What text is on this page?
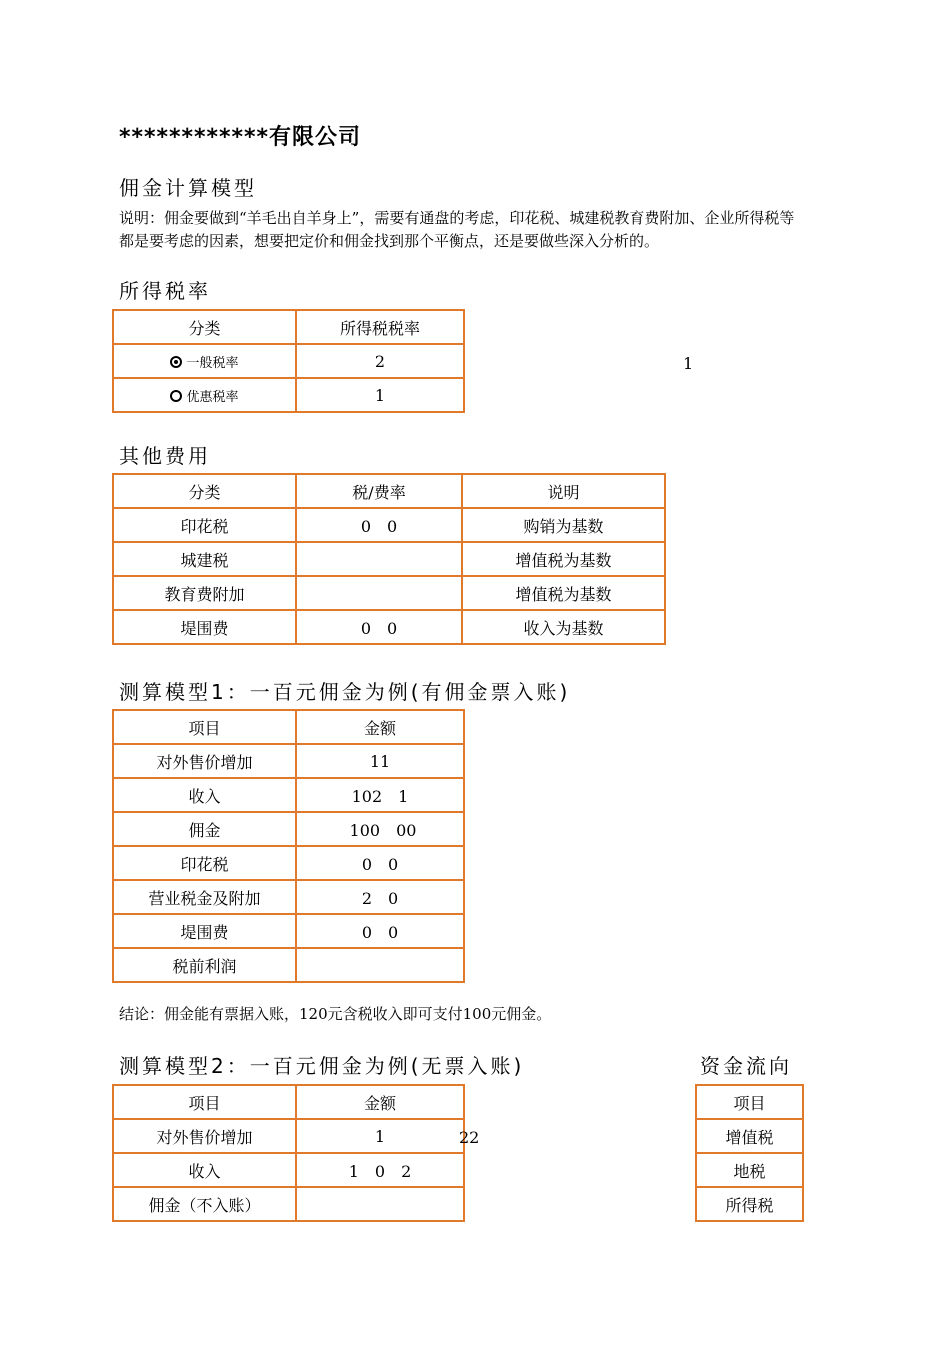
************有限公司
佣金计算模型
说明：佣金要做到“羊毛出自羊身上”，需要有通盘的考虑，印花税、城建税教育费附加、企业所得税等
都是要考虑的因素，想要把定价和佣金找到那个平衡点，还是要做些深入分析的。
所得税率
分类	所得税税率
一般税率	2
优惠税率	1
1
其他费用
分类	税/费率	说明
印花税	0　0	购销为基数
城建税		增值税为基数
教育费附加		增值税为基数
堤围费	0　0	收入为基数
测算模型1：一百元佣金为例(有佣金票入账)
项目	金额
对外售价增加	11
收入	102　1
佣金	100　00
印花税	0　0
营业税金及附加	2　0
堤围费	0　0
税前利润	
结论：佣金能有票据入账，120元含税收入即可支付100元佣金。
测算模型2：一百元佣金为例(无票入账)
项目	金额
对外售价增加	1
收入	1　0　2
佣金（不入账）	
22
资金流向
项目
增值税
地税
所得税
